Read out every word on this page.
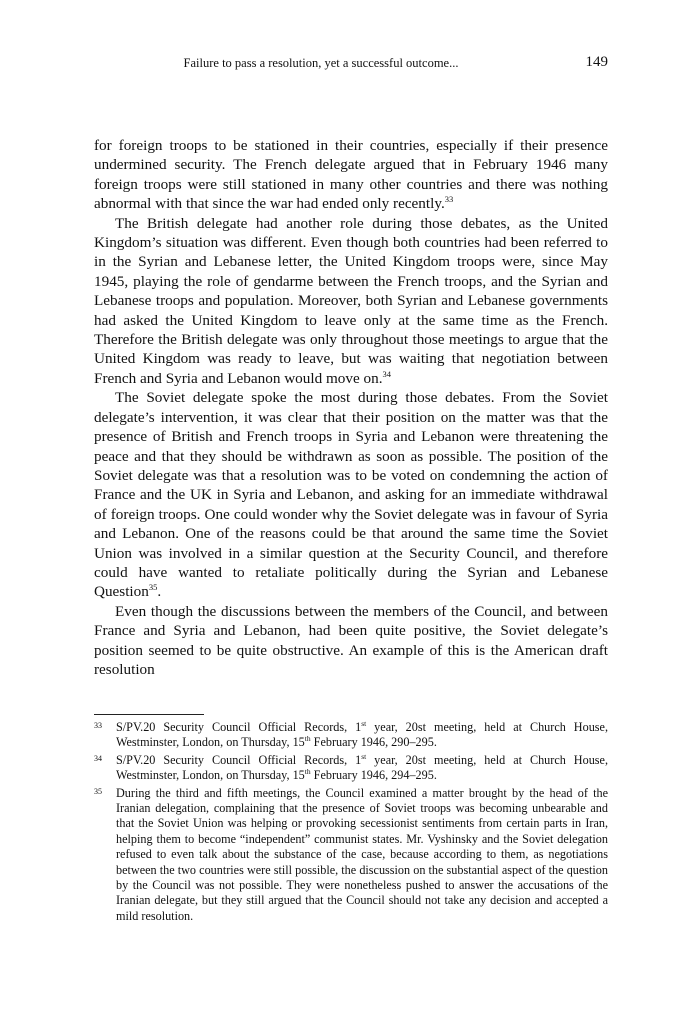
Failure to pass a resolution, yet a successful outcome...	149

for foreign troops to be stationed in their countries, especially if their presence undermined security. The French delegate argued that in February 1946 many foreign troops were still stationed in many other countries and there was nothing abnormal with that since the war had ended only recently.$^{33}$

The British delegate had another role during those debates, as the United Kingdom’s situation was different. Even though both countries had been referred to in the Syrian and Lebanese letter, the United Kingdom troops were, since May 1945, playing the role of gendarme between the French troops, and the Syrian and Lebanese troops and population. Moreover, both Syrian and Lebanese governments had asked the United Kingdom to leave only at the same time as the French. Therefore the British delegate was only throughout those meetings to argue that the United Kingdom was ready to leave, but was waiting that negotiation between French and Syria and Lebanon would move on.$^{34}$

The Soviet delegate spoke the most during those debates. From the Soviet delegate’s intervention, it was clear that their position on the matter was that the presence of British and French troops in Syria and Lebanon were threatening the peace and that they should be withdrawn as soon as possible. The position of the Soviet delegate was that a resolution was to be voted on condemning the action of France and the UK in Syria and Lebanon, and asking for an immediate withdrawal of foreign troops. One could wonder why the Soviet delegate was in favour of Syria and Lebanon. One of the reasons could be that around the same time the Soviet Union was involved in a similar question at the Security Council, and therefore could have wanted to retaliate politically during the Syrian and Lebanese Question$^{35}$.

Even though the discussions between the members of the Council, and between France and Syria and Lebanon, had been quite positive, the Soviet delegate’s position seemed to be quite obstructive. An example of this is the American draft resolution

33	S/PV.20 Security Council Official Records, 1st year, 20st meeting, held at Church House, Westminster, London, on Thursday, 15th February 1946, 290–295.
34	S/PV.20 Security Council Official Records, 1st year, 20st meeting, held at Church House, Westminster, London, on Thursday, 15th February 1946, 294–295.
35	During the third and fifth meetings, the Council examined a matter brought by the head of the Iranian delegation, complaining that the presence of Soviet troops was becoming unbearable and that the Soviet Union was helping or provoking secessionist sentiments from certain parts in Iran, helping them to become “independent” communist states. Mr. Vyshinsky and the Soviet delegation refused to even talk about the substance of the case, because according to them, as negotiations between the two countries were still possible, the discussion on the substantial aspect of the question by the Council was not possible. They were nonetheless pushed to answer the accusations of the Iranian delegate, but they still argued that the Council should not take any decision and accepted a mild resolution.
